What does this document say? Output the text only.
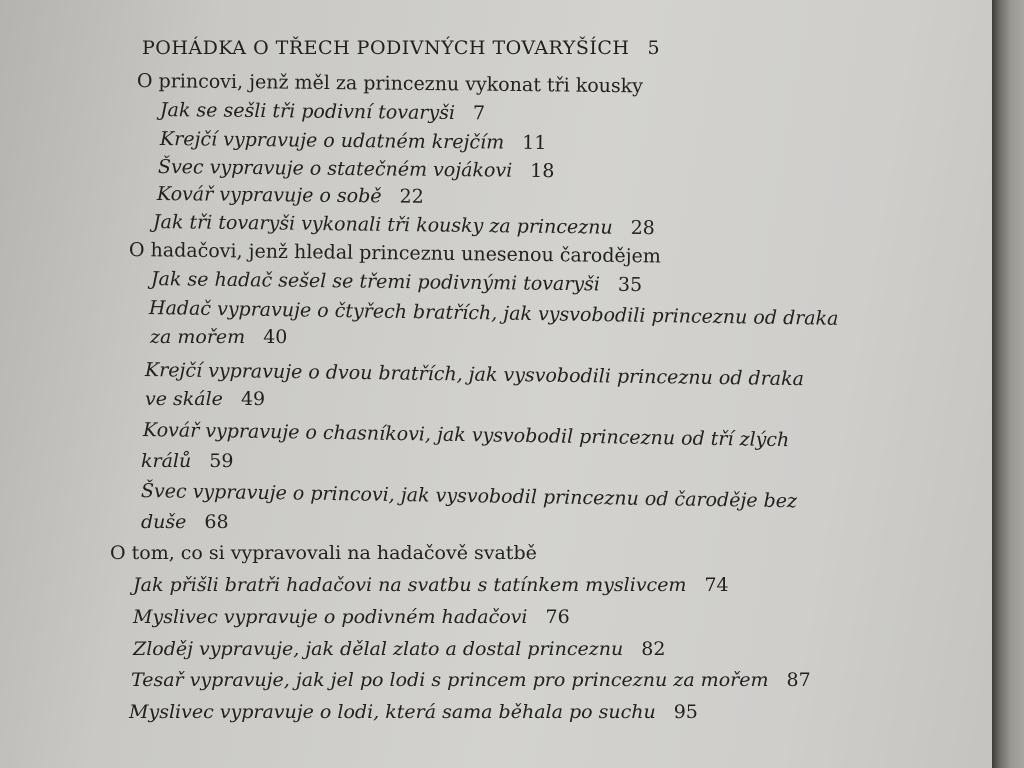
POHÁDKA O TŘECH PODIVNÝCH TOVARYŠÍCH 5
O princovi, jenž měl za princeznu vykonat tři kousky
Jak se sešli tři podivní tovaryši 7
Krejčí vypravuje o udatném krejčím 11
Švec vypravuje o statečném vojákovi 18
Kovář vypravuje o sobě 22
Jak tři tovaryši vykonali tři kousky za princeznu 28
O hadačovi, jenž hledal princeznu unesenou čarodějem
Jak se hadač sešel se třemi podivnými tovaryši 35
Hadač vypravuje o čtyřech bratřích, jak vysvobodili princeznu od draka
za mořem 40
Krejčí vypravuje o dvou bratřích, jak vysvobodili princeznu od draka
ve skále 49
Kovář vypravuje o chasníkovi, jak vysvobodil princeznu od tří zlých
králů 59
Švec vypravuje o princovi, jak vysvobodil princeznu od čaroděje bez
duše 68
O tom, co si vypravovali na hadačově svatbě
Jak přišli bratři hadačovi na svatbu s tatínkem myslivcem 74
Myslivec vypravuje o podivném hadačovi 76
Zloděj vypravuje, jak dělal zlato a dostal princeznu 82
Tesař vypravuje, jak jel po lodi s princem pro princeznu za mořem 87
Myslivec vypravuje o lodi, která sama běhala po suchu 95
